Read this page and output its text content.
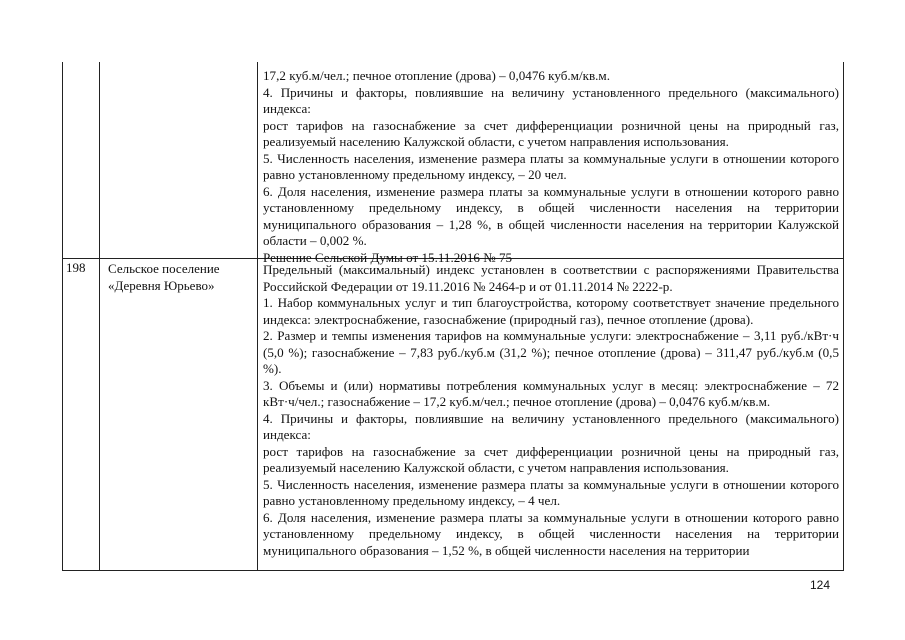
17,2 куб.м/чел.; печное отопление (дрова) – 0,0476 куб.м/кв.м.

4. Причины и факторы, повлиявшие на величину установленного предельного (максимального) индекса:

рост тарифов на газоснабжение за счет дифференциации розничной цены на природный газ, реализуемый населению Калужской области, с учетом направления использования.

5. Численность населения, изменение размера платы за коммунальные услуги в отношении которого равно установленному предельному индексу, – 20 чел.

6. Доля населения, изменение размера платы за коммунальные услуги в отношении которого равно установленному предельному индексу, в общей численности населения на территории муниципального образования – 1,28 %, в общей численности населения на территории Калужской области – 0,002 %.

Решение Сельской Думы от 15.11.2016 № 75

198	Сельское поселение «Деревня Юрьево»

Предельный (максимальный) индекс установлен в соответствии с распоряжениями Правительства Российской Федерации от 19.11.2016 № 2464-р и от 01.11.2014 № 2222-р.

1. Набор коммунальных услуг и тип благоустройства, которому соответствует значение предельного индекса: электроснабжение, газоснабжение (природный газ), печное отопление (дрова).

2. Размер и темпы изменения тарифов на коммунальные услуги: электроснабжение – 3,11 руб./кВт·ч (5,0 %); газоснабжение – 7,83 руб./куб.м (31,2 %); печное отопление (дрова) – 311,47 руб./куб.м (0,5 %).

3. Объемы и (или) нормативы потребления коммунальных услуг в месяц: электроснабжение – 72 кВт·ч/чел.; газоснабжение – 17,2 куб.м/чел.; печное отопление (дрова) – 0,0476 куб.м/кв.м.

4. Причины и факторы, повлиявшие на величину установленного предельного (максимального) индекса:

рост тарифов на газоснабжение за счет дифференциации розничной цены на природный газ, реализуемый населению Калужской области, с учетом направления использования.

5. Численность населения, изменение размера платы за коммунальные услуги в отношении которого равно установленному предельному индексу, – 4 чел.

6. Доля населения, изменение размера платы за коммунальные услуги в отношении которого равно установленному предельному индексу, в общей численности населения на территории муниципального образования – 1,52 %, в общей численности населения на территории

124
